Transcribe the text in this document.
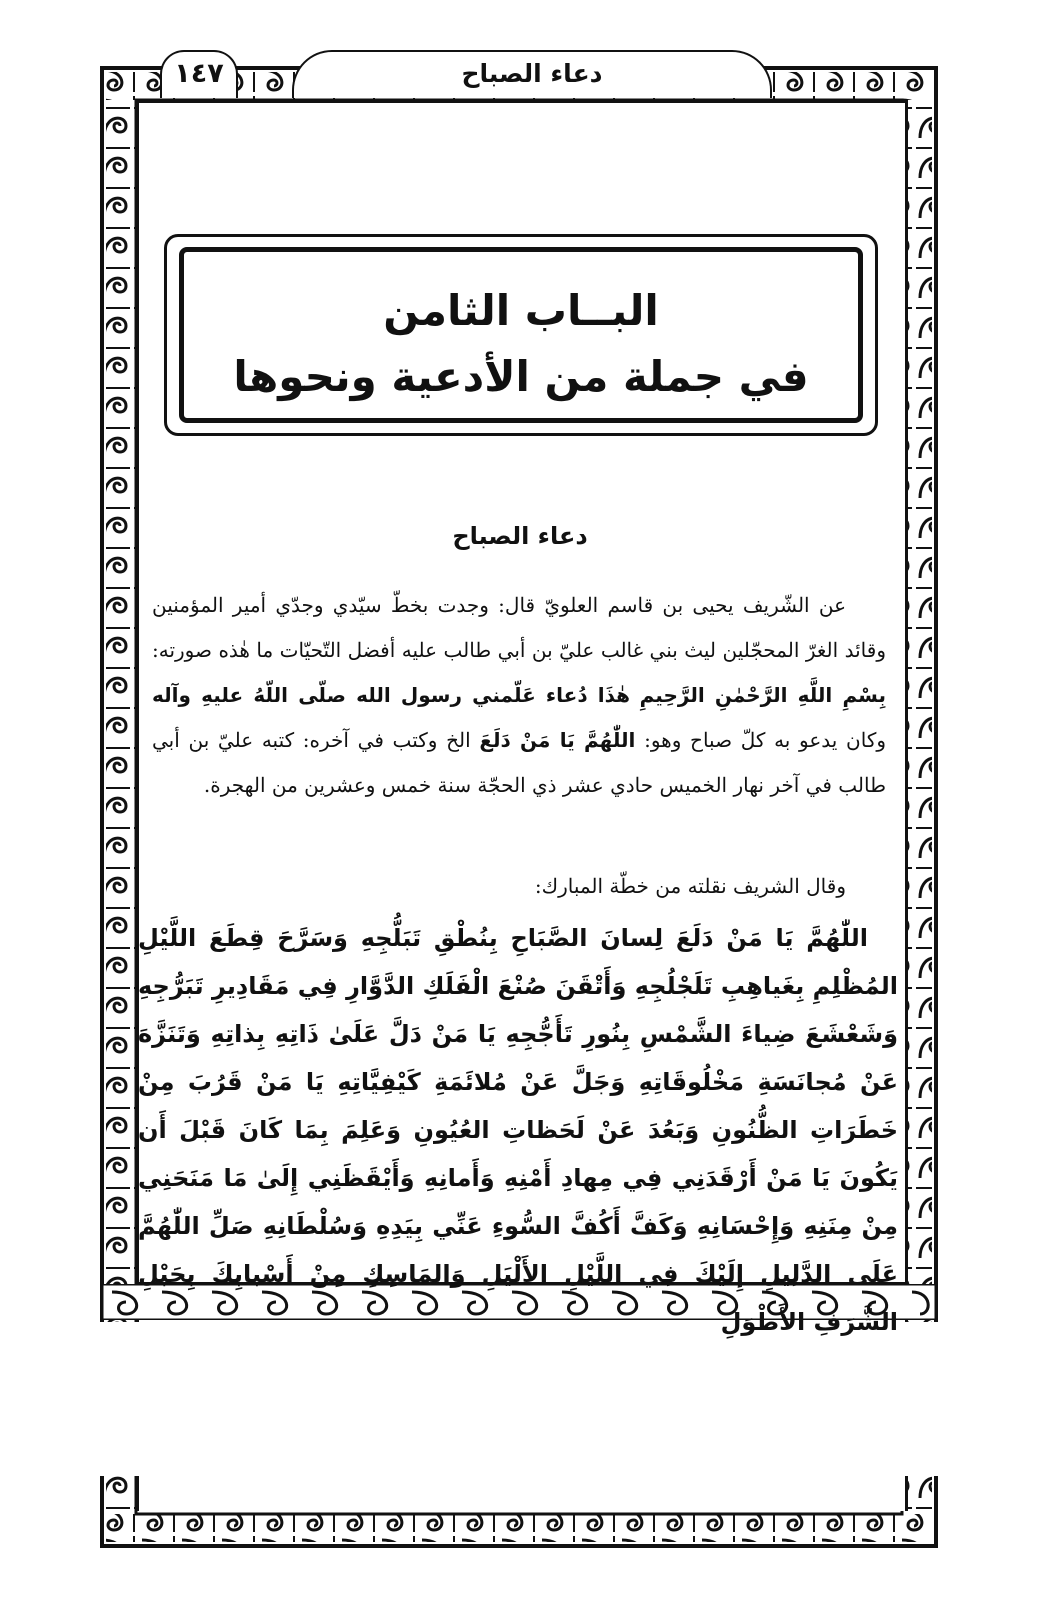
دعاء الصباح
١٤٧
البــاب الثامن
في جملة من الأدعية ونحوها
دعاء الصباح

عن الشّريف يحيى بن قاسم العلويّ قال: وجدت بخطّ سيّدي وجدّي أمير المؤمنين وقائد الغرّ المحجّلين ليث بني غالب عليّ بن أبي طالب عليه أفضل التّحيّات ما هٰذه صورته: بِسْمِ اللَّهِ الرَّحْمٰنِ الرَّحِيمِ هٰذَا دُعاء عَلّمني رسول الله صلّى اللّهُ عليهِ وآله وكان يدعو به كلّ صباح وهو: اللّٰهُمَّ يَا مَنْ دَلَعَ الخ وكتب في آخره: كتبه عليّ بن أبي طالب في آخر نهار الخميس حادي عشر ذي الحجّة سنة خمس وعشرين من الهجرة.

وقال الشريف نقلته من خطّة المبارك:

اللّٰهُمَّ يَا مَنْ دَلَعَ لِسانَ الصَّبَاحِ بِنُطْقِ تَبَلُّجِهِ وَسَرَّحَ قِطَعَ اللَّيْلِ المُظْلِمِ بِغَياهِبِ تَلَجْلُجِهِ وَأَتْقَنَ صُنْعَ الْفَلَكِ الدَّوَّارِ فِي مَقَادِيرِ تَبَرُّجِهِ وَشَعْشَعَ ضِياءَ الشَّمْسِ بِنُورِ تَأَجُّجِهِ يَا مَنْ دَلَّ عَلَىٰ ذَاتِهِ بِذاتِهِ وَتَنَزَّهَ عَنْ مُجانَسَةِ مَخْلُوقَاتِهِ وَجَلَّ عَنْ مُلائَمَةِ كَيْفِيَّاتِهِ يَا مَنْ قَرُبَ مِنْ خَطَرَاتِ الظُّنُونِ وَبَعُدَ عَنْ لَحَظاتِ العُيُونِ وَعَلِمَ بِمَا كَانَ قَبْلَ أَن يَكُونَ يَا مَنْ أَرْقَدَنِي فِي مِهادِ أَمْنِهِ وَأَمانِهِ وَأَيْقَظَنِي إِلَىٰ مَا مَنَحَنِي مِنْ مِنَنِهِ وَإِحْسَانِهِ وَكَفَّ أَكُفَّ السُّوءِ عَنِّي بِيَدِهِ وَسُلْطَانِهِ صَلِّ اللّٰهُمَّ عَلَى الدَّلِيلِ إِلَيْكَ فِي اللَّيْلِ الأَلْيَلِ وَالمَاسِكِ مِنْ أَسْبابِكَ بِحَبْلِ الشَّرَفِ الأَطْوَلِ
